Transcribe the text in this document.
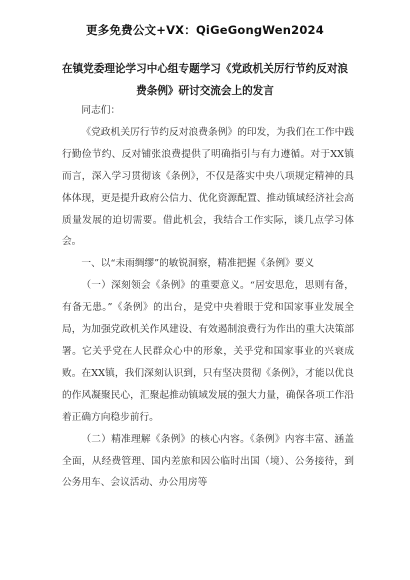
更多免费公文+VX：QiGeGongWen2024
在镇党委理论学习中心组专题学习《党政机关厉行节约反对浪费条例》研讨交流会上的发言

同志们：

《党政机关厉行节约反对浪费条例》的印发，为我们在工作中践行勤俭节约、反对铺张浪费提供了明确指引与有力遵循。对于XX镇而言，深入学习贯彻该《条例》，不仅是落实中央八项规定精神的具体体现，更是提升政府公信力、优化资源配置、推动镇域经济社会高质量发展的迫切需要。借此机会，我结合工作实际，谈几点学习体会。

一、以“未雨绸缪”的敏锐洞察，精准把握《条例》要义

（一）深刻领会《条例》的重要意义。“居安思危，思则有备，有备无患。”《条例》的出台，是党中央着眼于党和国家事业发展全局，为加强党政机关作风建设、有效遏制浪费行为作出的重大决策部署。它关乎党在人民群众心中的形象，关乎党和国家事业的兴衰成败。在XX镇，我们深刻认识到，只有坚决贯彻《条例》，才能以优良的作风凝聚民心，汇聚起推动镇域发展的强大力量，确保各项工作沿着正确方向稳步前行。

（二）精准理解《条例》的核心内容。《条例》内容丰富、涵盖全面，从经费管理、国内差旅和因公临时出国（境）、公务接待，到公务用车、会议活动、办公用房等
